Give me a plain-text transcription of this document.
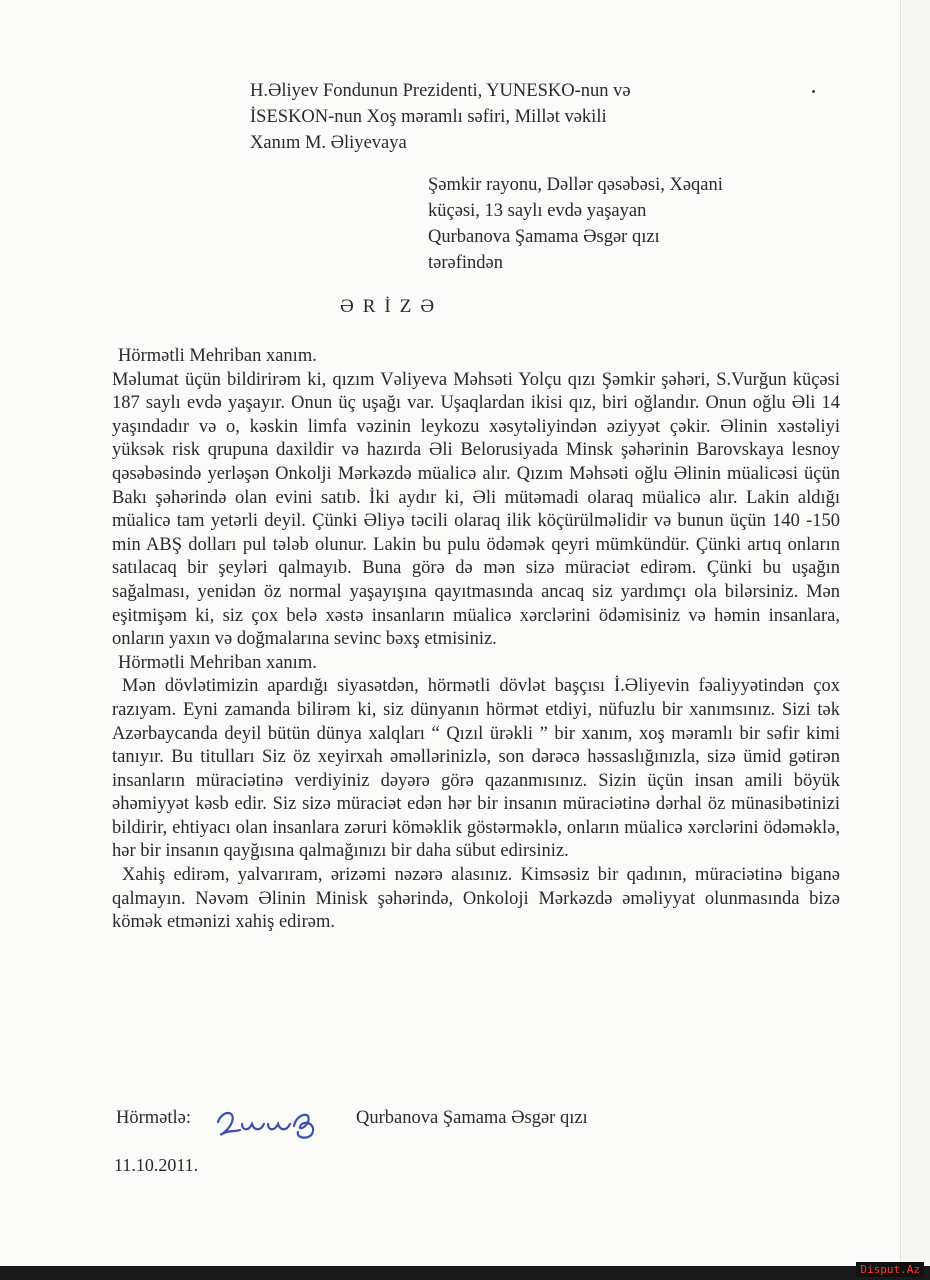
H.Əliyev Fondunun Prezidenti, YUNESKO-nun və
İSESKON-nun Xoş məramlı səfiri, Millət vəkili
Xanım M. Əliyevaya
Şəmkir rayonu, Dəllər qəsəbəsi, Xəqani
küçəsi, 13 saylı evdə yaşayan
Qurbanova Şamama Əsgər qızı
tərəfindən
ƏRİZƏ

Hörmətli Mehriban xanım.

Məlumat üçün bildirirəm ki, qızım Vəliyeva Məhsəti Yolçu qızı Şəmkir şəhəri, S.Vurğun küçəsi 187 saylı evdə yaşayır. Onun üç uşağı var. Uşaqlardan ikisi qız, biri oğlandır. Onun oğlu Əli 14 yaşındadır və o, kəskin limfa vəzinin leykozu xəsytəliyindən əziyyət çəkir. Əlinin xəstəliyi yüksək risk qrupuna daxildir və hazırda Əli Belorusiyada Minsk şəhərinin Barovskaya lesnoy qəsəbəsində yerləşən Onkolji Mərkəzdə müalicə alır. Qızım Məhsəti oğlu Əlinin müalicəsi üçün Bakı şəhərində olan evini satıb. İki aydır ki, Əli mütəmadi olaraq müalicə alır. Lakin aldığı müalicə tam yetərli deyil. Çünki Əliyə təcili olaraq ilik köçürülməlidir və bunun üçün 140 -150 min ABŞ dolları pul tələb olunur. Lakin bu pulu ödəmək qeyri mümkündür. Çünki artıq onların satılacaq bir şeyləri qalmayıb. Buna görə də mən sizə müraciət edirəm. Çünki bu uşağın sağalması, yenidən öz normal yaşayışına qayıtmasında ancaq siz yardımçı ola bilərsiniz. Mən eşitmişəm ki, siz çox belə xəstə insanların müalicə xərclərini ödəmisiniz və həmin insanlara, onların yaxın və doğmalarına sevinc bəxş etmisiniz.

Hörmətli Mehriban xanım.

Mən dövlətimizin apardığı siyasətdən, hörmətli dövlət başçısı İ.Əliyevin fəaliyyətindən çox razıyam. Eyni zamanda bilirəm ki, siz dünyanın hörmət etdiyi, nüfuzlu bir xanımsınız. Sizi tək Azərbaycanda deyil bütün dünya xalqları “ Qızıl ürəkli ” bir xanım, xoş məramlı bir səfir kimi tanıyır. Bu titulları Siz öz xeyirxah əməllərinizlə, son dərəcə həssaslığınızla, sizə ümid gətirən insanların müraciətinə verdiyiniz dəyərə görə qazanmısınız. Sizin üçün insan amili böyük əhəmiyyət kəsb edir. Siz sizə müraciət edən hər bir insanın müraciətinə dərhal öz münasibətinizi bildirir, ehtiyacı olan insanlara zəruri köməklik göstərməklə, onların müalicə xərclərini ödəməklə, hər bir insanın qayğısına qalmağınızı bir daha sübut edirsiniz.

Xahiş edirəm, yalvarıram, ərizəmi nəzərə alasınız. Kimsəsiz bir qadının, müraciətinə biganə qalmayın. Nəvəm Əlinin Minisk şəhərində, Onkoloji Mərkəzdə əməliyyat olunmasında bizə kömək etmənizi xahiş edirəm.

Hörmətlə:	Qurbanova Şamama Əsgər qızı
11.10.2011.
Disput.Az
